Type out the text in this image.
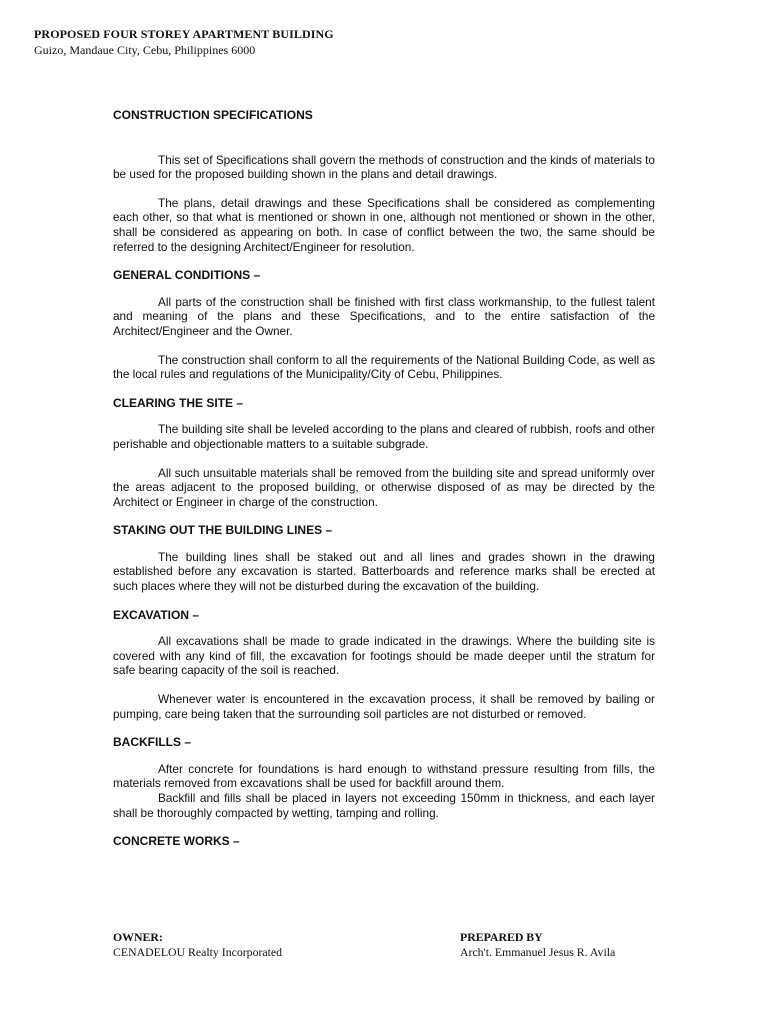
PROPOSED FOUR STOREY APARTMENT BUILDING
Guizo, Mandaue City, Cebu, Philippines 6000
CONSTRUCTION SPECIFICATIONS

This set of Specifications shall govern the methods of construction and the kinds of materials to be used for the proposed building shown in the plans and detail drawings.

The plans, detail drawings and these Specifications shall be considered as complementing each other, so that what is mentioned or shown in one, although not mentioned or shown in the other, shall be considered as appearing on both. In case of conflict between the two, the same should be referred to the designing Architect/Engineer for resolution.

GENERAL CONDITIONS –

All parts of the construction shall be finished with first class workmanship, to the fullest talent and meaning of the plans and these Specifications, and to the entire satisfaction of the Architect/Engineer and the Owner.

The construction shall conform to all the requirements of the National Building Code, as well as the local rules and regulations of the Municipality/City of Cebu, Philippines.

CLEARING THE SITE –

The building site shall be leveled according to the plans and cleared of rubbish, roofs and other perishable and objectionable matters to a suitable subgrade.

All such unsuitable materials shall be removed from the building site and spread uniformly over the areas adjacent to the proposed building, or otherwise disposed of as may be directed by the Architect or Engineer in charge of the construction.

STAKING OUT THE BUILDING LINES –

The building lines shall be staked out and all lines and grades shown in the drawing established before any excavation is started. Batterboards and reference marks shall be erected at such places where they will not be disturbed during the excavation of the building.

EXCAVATION –

All excavations shall be made to grade indicated in the drawings. Where the building site is covered with any kind of fill, the excavation for footings should be made deeper until the stratum for safe bearing capacity of the soil is reached.

Whenever water is encountered in the excavation process, it shall be removed by bailing or pumping, care being taken that the surrounding soil particles are not disturbed or removed.

BACKFILLS –

After concrete for foundations is hard enough to withstand pressure resulting from fills, the materials removed from excavations shall be used for backfill around them.

Backfill and fills shall be placed in layers not exceeding 150mm in thickness, and each layer shall be thoroughly compacted by wetting, tamping and rolling.

CONCRETE WORKS –
OWNER:
CENADELOU Realty Incorporated
PREPARED BY
Arch't. Emmanuel Jesus R. Avila
